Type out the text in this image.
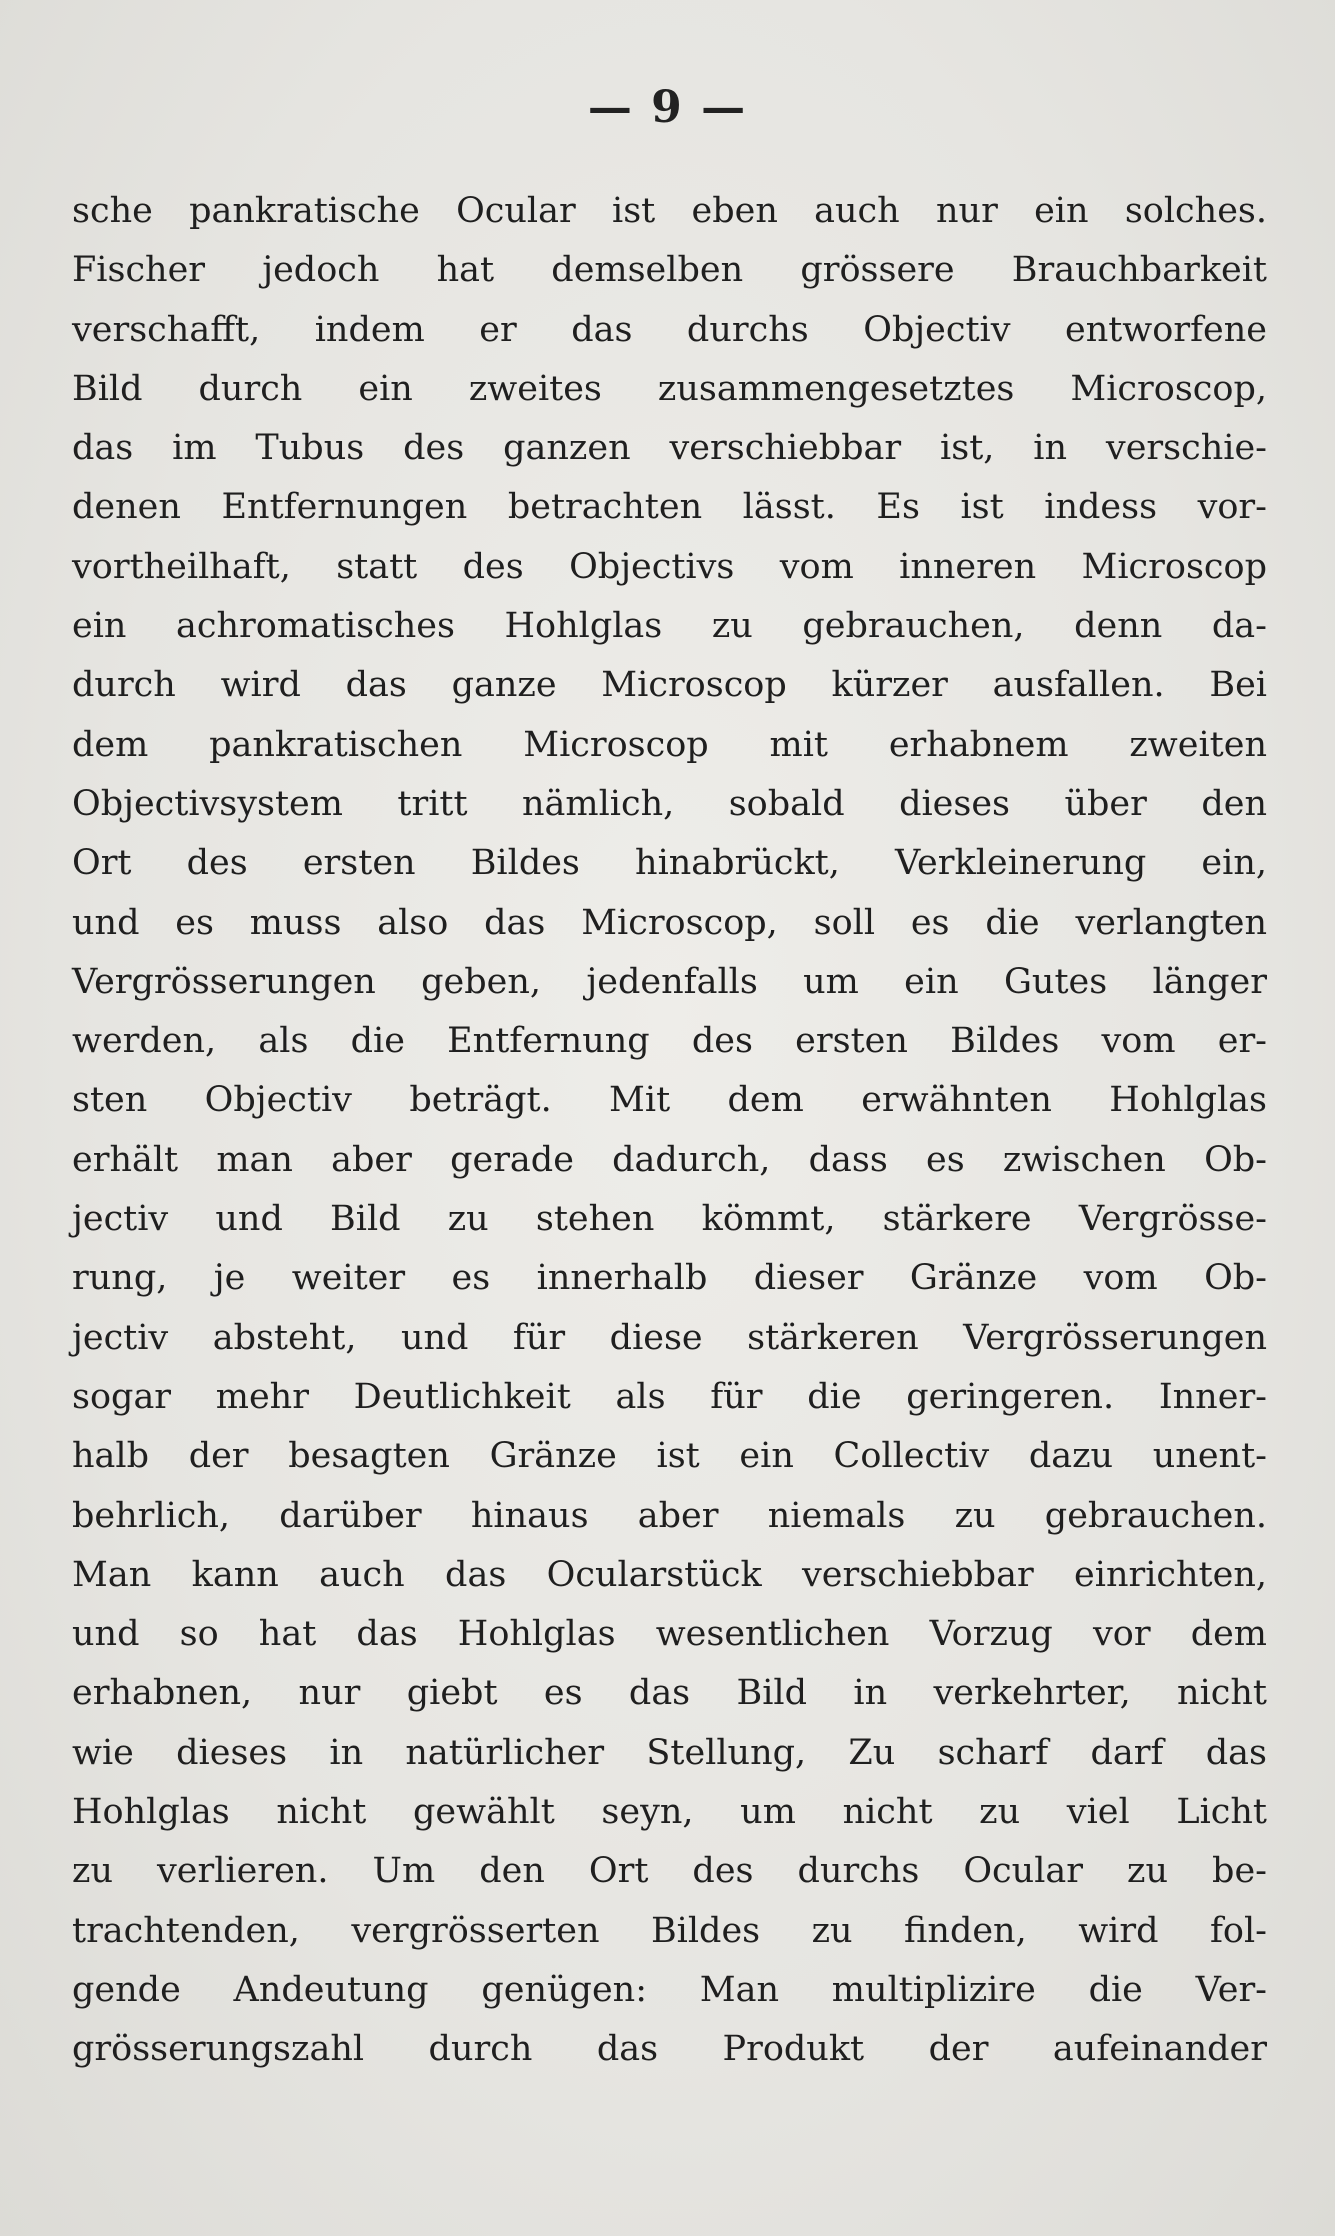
— 9 —
sche pankratische Ocular ist eben auch nur ein solches.
Fischer jedoch hat demselben grössere Brauchbarkeit
verschafft, indem er das durchs Objectiv entworfene
Bild durch ein zweites zusammengesetztes Microscop,
das im Tubus des ganzen verschiebbar ist, in verschie-
denen Entfernungen betrachten lässt. Es ist indess vor-
vortheilhaft, statt des Objectivs vom inneren Microscop
ein achromatisches Hohlglas zu gebrauchen, denn da-
durch wird das ganze Microscop kürzer ausfallen. Bei
dem pankratischen Microscop mit erhabnem zweiten
Objectivsystem tritt nämlich, sobald dieses über den
Ort des ersten Bildes hinabrückt, Verkleinerung ein,
und es muss also das Microscop, soll es die verlangten
Vergrösserungen geben, jedenfalls um ein Gutes länger
werden, als die Entfernung des ersten Bildes vom er-
sten Objectiv beträgt. Mit dem erwähnten Hohlglas
erhält man aber gerade dadurch, dass es zwischen Ob-
jectiv und Bild zu stehen kömmt, stärkere Vergrösse-
rung, je weiter es innerhalb dieser Gränze vom Ob-
jectiv absteht, und für diese stärkeren Vergrösserungen
sogar mehr Deutlichkeit als für die geringeren. Inner-
halb der besagten Gränze ist ein Collectiv dazu unent-
behrlich, darüber hinaus aber niemals zu gebrauchen.
Man kann auch das Ocularstück verschiebbar einrichten,
und so hat das Hohlglas wesentlichen Vorzug vor dem
erhabnen, nur giebt es das Bild in verkehrter, nicht
wie dieses in natürlicher Stellung, Zu scharf darf das
Hohlglas nicht gewählt seyn, um nicht zu viel Licht
zu verlieren. Um den Ort des durchs Ocular zu be-
trachtenden, vergrösserten Bildes zu finden, wird fol-
gende Andeutung genügen: Man multiplizire die Ver-
grösserungszahl durch das Produkt der aufeinander
